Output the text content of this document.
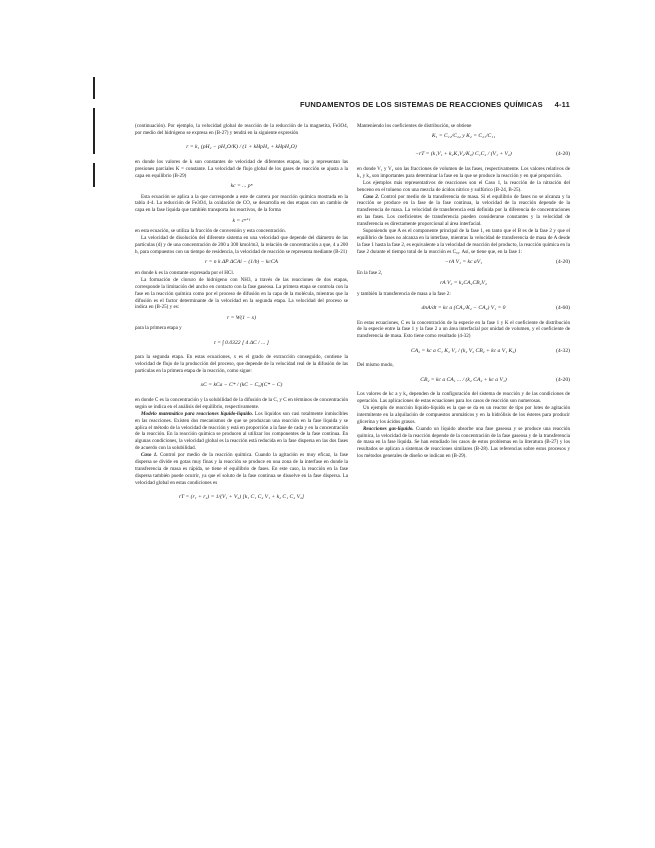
FUNDAMENTOS DE LOS SISTEMAS DE REACCIONES QUÍMICAS 4-11

(continuación). Por ejemplo, la velocidad global de reacción de la reducción de la magnetita, Fe3O4, por medio del hidrógeno se expresa en (B-27) y tendrá en la siguiente expresión

r = k₁ (pH₂ − pH₂O/K) / (1 + kHpH₂ + kHpH₂O)

en donde los valores de k son constantes de velocidad de diferentes etapas, las p representan las presiones parciales K = constante. La velocidad de flujo global de los gases de reacción se ajusta a la capa en equilibrio (B-29)

kc = ... pⁿ

Esta ecuación se aplica a la que corresponde a este de carrera por reacción química mostrada en la tabla 4-4. La reducción de Fe3O4, la oxidación de CO, se desarrolla en dos etapas con un cambio de capa en la fase líquida que también transporta los reactivos, de la forma

k = cⁿ⁺¹

en esta ecuación, se utiliza la fracción de conversión y esta concentración.

La velocidad de disolución del diferente sistema en una velocidad que depende del diámetro de las partículas (d) y de una concentración de 200 a 300 kmol/m3, la relación de concentración a que, 4 a 200 h, para compuestos con un tiempo de residencia, la velocidad de reacción se representa mediante (B-21)

r = n k ΔP ΔCAi − (1/b) − kcCA

en donde k es la constante expresada por el HCl.

La formación de cloruro de hidrógeno con NH3, a través de las reacciones de dos etapas, corresponde la limitación del ancho en contacto con la fase gaseosa. La primera etapa se controla con la fase en la reacción química como por el proceso de difusión en la capa de la molécula, mientras que la difusión es el factor determinante de la velocidad en la segunda etapa. La velocidad del proceso se indica en (B-25) y es:

r = W(1 − x)

para la primera etapa y

t = ∫ 0.0322 [ 4 ΔC / ... ]

para la segunda etapa. En estas ecuaciones, x es el grado de extracción conseguido, contiene la velocidad de flujo de la producción del proceso, que depende de la velocidad real de la difusión de las partículas en la primera etapa de la reacción, como sigue:

xC = kCa − C* / (kC − Cₐ)(C* − C)

en donde C es la concentración y la solubilidad de la difusión de la C, y C en términos de concentración según se indica en el análisis del equilibrio, respectivamente.

Modelo matemático para reacciones líquido-líquido. Los líquidos son casi totalmente inmiscibles en las reacciones. Existen dos mecanismos de que se produzcan una reacción en la fase líquida y se aplica el método de la velocidad de reacción y está en proporción a la fase de cada y en la concentración de la reacción. En la reacción química se producen al utilizar los componentes de la fase continua. En algunas condiciones, la velocidad global es la reacción está reducida en la fase dispersa en las dos fases de acuerdo con la solubilidad.

Caso 1. Control por medio de la reacción química. Cuando la agitación es muy eficaz, la fase dispersa se divide en gotas muy finas y la reacción se produce en una zona de la interfase en donde la transferencia de masa es rápida, se tiene el equilibrio de fases. En este caso, la reacción en la fase dispersa también puede ocurrir, ya que el soluto de la fase continua se disuelve en la fase dispersa. La velocidad global en estas condiciones es

rT = (r₁ + r₂) = 1/(V₁ + V₂) [k₁ C₁ C₂ V₁ + k₂ C₁ C₂ V₂]

Manteniendo los coeficientes de distribución, se obtiene

K₁ = C₁₂/C₂₂ y K₂ = C₂₁/C₁₁
−rT = (k₁V₁ + k₂K₁V₂/K₂) C₁C₂ / (V₁ + V₂)	(4-20)

en donde V₁ y V₂ son las fracciones de volumen de las fases, respectivamente. Los valores relativos de k₁ y k₂ son importantes para determinar la fase en la que se produce la reacción y en qué proporción.

Los ejemplos más representativos de reacciones son el Caso 1, la reacción de la nitración del benceno en el tolueno con una mezcla de ácidos nítrico y sulfúrico (B-24, B-25).

Caso 2. Control por medio de la transferencia de masa. Si el equilibrio de fases no se alcanza y la reacción se produce en la fase de la fase continua, la velocidad de la reacción depende de la transferencia de masa. La velocidad de transferencia está definida por la diferencia de concentraciones en las fases. Los coeficientes de transferencia pueden considerarse constantes y la velocidad de transferencia es directamente proporcional al área interfacial.

Suponiendo que A es el componente principal de la fase 1, en tanto que el B es de la fase 2 y que el equilibrio de fases no alcanza en la interfase, mientras la velocidad de transferencia de masa de A desde la fase 1 hasta la fase 2, es equivalente a la velocidad de reacción del producto, la reacción química en la fase 2 durante el tiempo total de la reacción es Cₐ₂. Así, se tiene que, en la fase 1:

−rA V₁ = kc aV₁	(4-20)

En la fase 2,

rA V₂ = k₂CA₂CB₂V₂

y también la transferencia de masa a la fase 2:

dnA/dt = kc a (CA₁/K₂ − CA₂) V₁ = 0	(4-60)

En estas ecuaciones, C es la concentración de la especie en la fase 1 y K el coeficiente de distribución de la especie entre la fase 1 y la fase 2 a un área interfacial por unidad de volumen, y el coeficiente de transferencia de masa. Esto tiene como resultado (4-32)

CA₂ = kc a C₁ K₂ V₁ / (k₂ V₂ CB₂ + kc a V₁ K₂)	(4-32)

Del mismo modo,

CB₂ = kc a CA₁ ... / (k₂ CA₂ + kc a V₁)	(4-20)

Los valores de kc a y k₂ dependen de la configuración del sistema de reacción y de las condiciones de operación. Las aplicaciones de estas ecuaciones para los casos de reacción son numerosas.

Un ejemplo de reacción líquido-líquido es la que se da en un reactor de tipo por lotes de agitación intermitente en la alquilación de compuestos aromáticos y en la hidrólisis de los ésteres para producir glicerina y los ácidos grasos.

Reacciones gas-líquido. Cuando un líquido absorbe una fase gaseosa y se produce una reacción química, la velocidad de la reacción depende de la concentración de la fase gaseosa y de la transferencia de masa en la fase líquida. Se han estudiado los casos de estos problemas en la literatura (B-27) y los resultados se aplican a sistemas de reacciones similares (B-28). Las referencias sobre estos procesos y los métodos generales de diseño se indican en (B-29).
